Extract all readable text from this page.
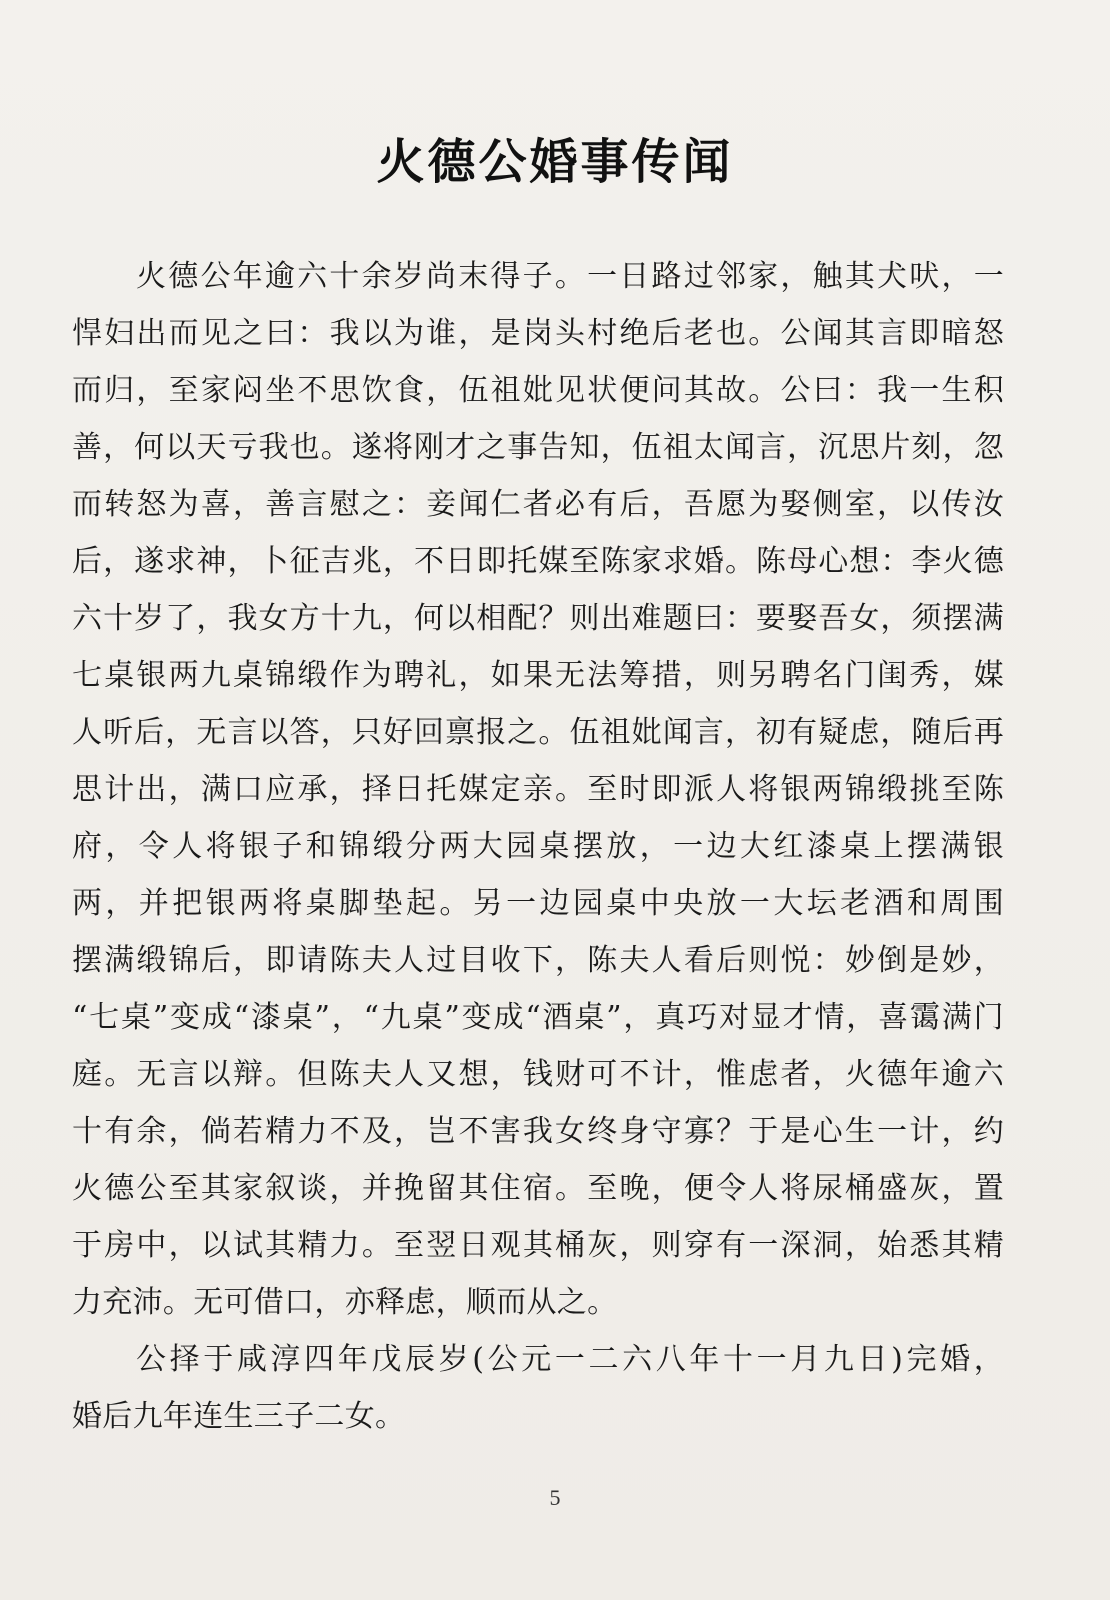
火德公婚事传闻
火德公年逾六十余岁尚末得子。一日路过邻家，触其犬吠，一
悍妇出而见之曰：我以为谁，是岗头村绝后老也。公闻其言即暗怒
而归，至家闷坐不思饮食，伍祖妣见状便问其故。公曰：我一生积
善，何以天亏我也。遂将刚才之事告知，伍祖太闻言，沉思片刻，忽
而转怒为喜，善言慰之：妾闻仁者必有后，吾愿为娶侧室，以传汝
后，遂求神，卜征吉兆，不日即托媒至陈家求婚。陈母心想：李火德
六十岁了，我女方十九，何以相配？则出难题曰：要娶吾女，须摆满
七桌银两九桌锦缎作为聘礼，如果无法筹措，则另聘名门闺秀，媒
人听后，无言以答，只好回禀报之。伍祖妣闻言，初有疑虑，随后再
思计出，满口应承，择日托媒定亲。至时即派人将银两锦缎挑至陈
府，令人将银子和锦缎分两大园桌摆放，一边大红漆桌上摆满银
两，并把银两将桌脚垫起。另一边园桌中央放一大坛老酒和周围
摆满缎锦后，即请陈夫人过目收下，陈夫人看后则悦：妙倒是妙，
“七桌”变成“漆桌”，“九桌”变成“酒桌”，真巧对显才情，喜霭满门
庭。无言以辩。但陈夫人又想，钱财可不计，惟虑者，火德年逾六
十有余，倘若精力不及，岂不害我女终身守寡？于是心生一计，约
火德公至其家叙谈，并挽留其住宿。至晚，便令人将尿桶盛灰，置
于房中，以试其精力。至翌日观其桶灰，则穿有一深洞，始悉其精
力充沛。无可借口，亦释虑，顺而从之。
公择于咸淳四年戊辰岁(公元一二六八年十一月九日)完婚，
婚后九年连生三子二女。
5
